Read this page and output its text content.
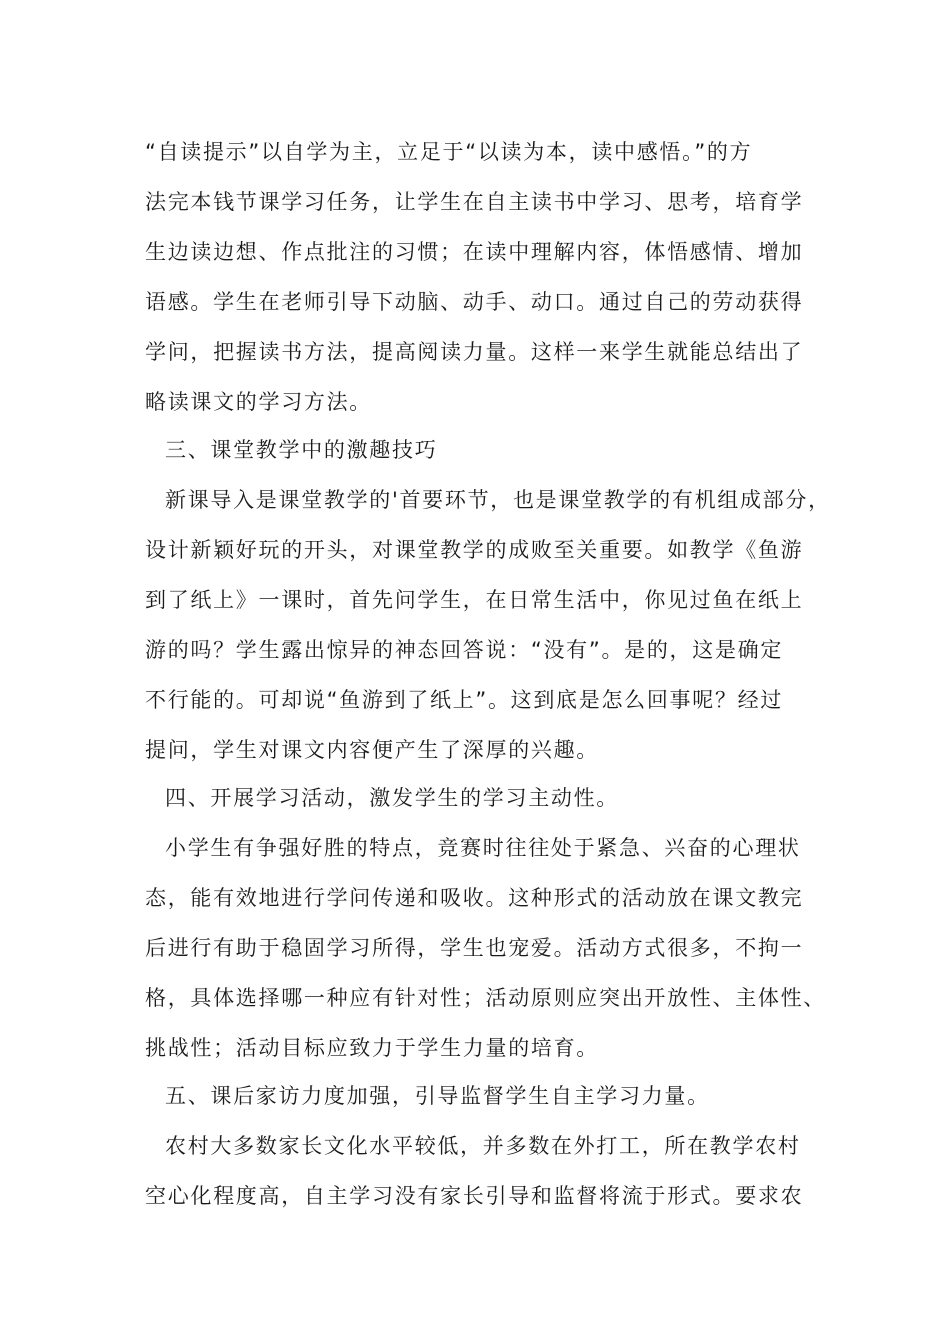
“自读提示”以自学为主，立足于“以读为本，读中感悟。”的方

法完本钱节课学习任务，让学生在自主读书中学习、思考，培育学

生边读边想、作点批注的习惯；在读中理解内容，体悟感情、增加

语感。学生在老师引导下动脑、动手、动口。通过自己的劳动获得

学问，把握读书方法，提高阅读力量。这样一来学生就能总结出了

略读课文的学习方法。

三、课堂教学中的激趣技巧

新课导入是课堂教学的'首要环节，也是课堂教学的有机组成部分，

设计新颖好玩的开头，对课堂教学的成败至关重要。如教学《鱼游

到了纸上》一课时，首先问学生，在日常生活中，你见过鱼在纸上

游的吗？学生露出惊异的神态回答说：“没有”。是的，这是确定

不行能的。可却说“鱼游到了纸上”。这到底是怎么回事呢？经过

提问，学生对课文内容便产生了深厚的兴趣。

四、开展学习活动，激发学生的学习主动性。

小学生有争强好胜的特点，竞赛时往往处于紧急、兴奋的心理状

态，能有效地进行学问传递和吸收。这种形式的活动放在课文教完

后进行有助于稳固学习所得，学生也宠爱。活动方式很多，不拘一

格，具体选择哪一种应有针对性；活动原则应突出开放性、主体性、

挑战性；活动目标应致力于学生力量的培育。

五、课后家访力度加强，引导监督学生自主学习力量。

农村大多数家长文化水平较低，并多数在外打工，所在教学农村

空心化程度高，自主学习没有家长引导和监督将流于形式。要求农
